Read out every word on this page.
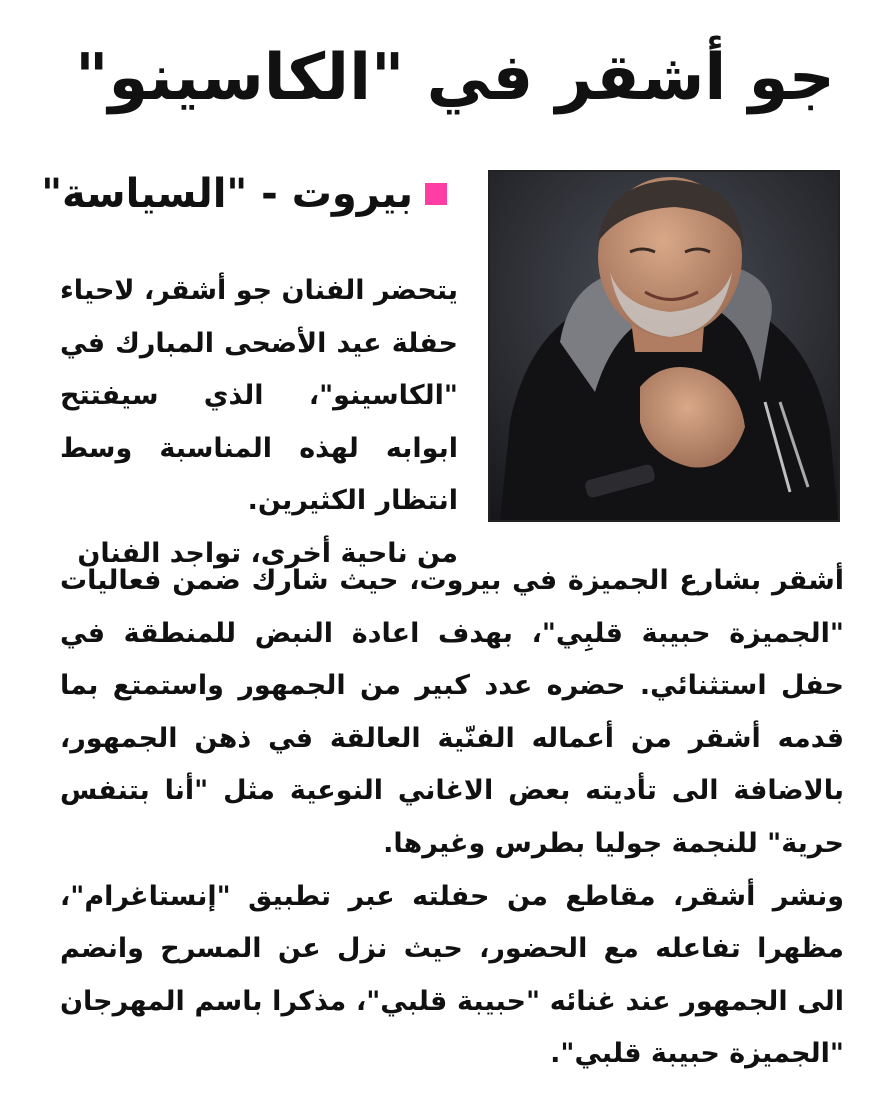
جو أشقر في "الكاسينو"
بيروت - "السياسة"

يتحضر الفنان جو أشقر، لاحياء حفلة عيد الأضحى المبارك في "الكاسينو"، الذي سيفتتح ابوابه لهذه المناسبة وسط انتظار الكثيرين.

من ناحية أخرى، تواجد الفنان

أشقر بشارع الجميزة في بيروت، حيث شارك ضمن فعاليات "الجميزة حبيبة قلبِي"، بهدف اعادة النبض للمنطقة في حفل استثنائي. حضره عدد كبير من الجمهور واستمتع بما قدمه أشقر من أعماله الفنّية العالقة في ذهن الجمهور، بالاضافة الى تأديته بعض الاغاني النوعية مثل "أنا بتنفس حرية" للنجمة جوليا بطرس وغيرها.

ونشر أشقر، مقاطع من حفلته عبر تطبيق "إنستاغرام"، مظهرا تفاعله مع الحضور، حيث نزل عن المسرح وانضم الى الجمهور عند غنائه "حبيبة قلبي"، مذكرا باسم المهرجان "الجميزة حبيبة قلبي".
